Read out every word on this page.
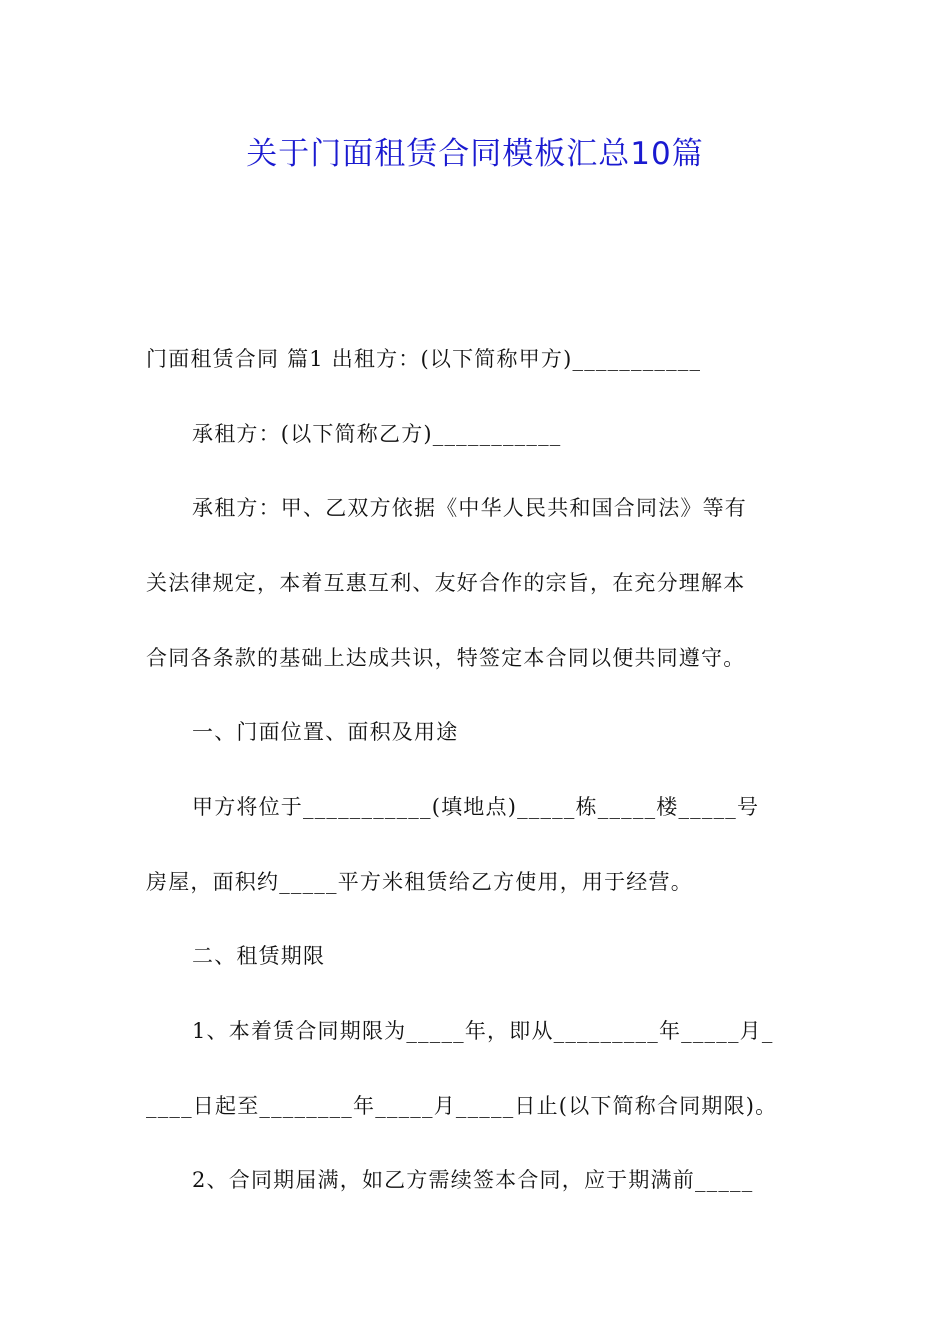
关于门面租赁合同模板汇总10篇
门面租赁合同 篇1 出租方：(以下简称甲方)___________
承租方：(以下简称乙方)___________
承租方：甲、乙双方依据《中华人民共和国合同法》等有
关法律规定，本着互惠互利、友好合作的宗旨，在充分理解本
合同各条款的基础上达成共识，特签定本合同以便共同遵守。
一、门面位置、面积及用途
甲方将位于___________(填地点)_____栋_____楼_____号
房屋，面积约_____平方米租赁给乙方使用，用于经营。
二、租赁期限
1、本着赁合同期限为_____年，即从_________年_____月_
____日起至________年_____月_____日止(以下简称合同期限)。
2、合同期届满，如乙方需续签本合同，应于期满前_____
